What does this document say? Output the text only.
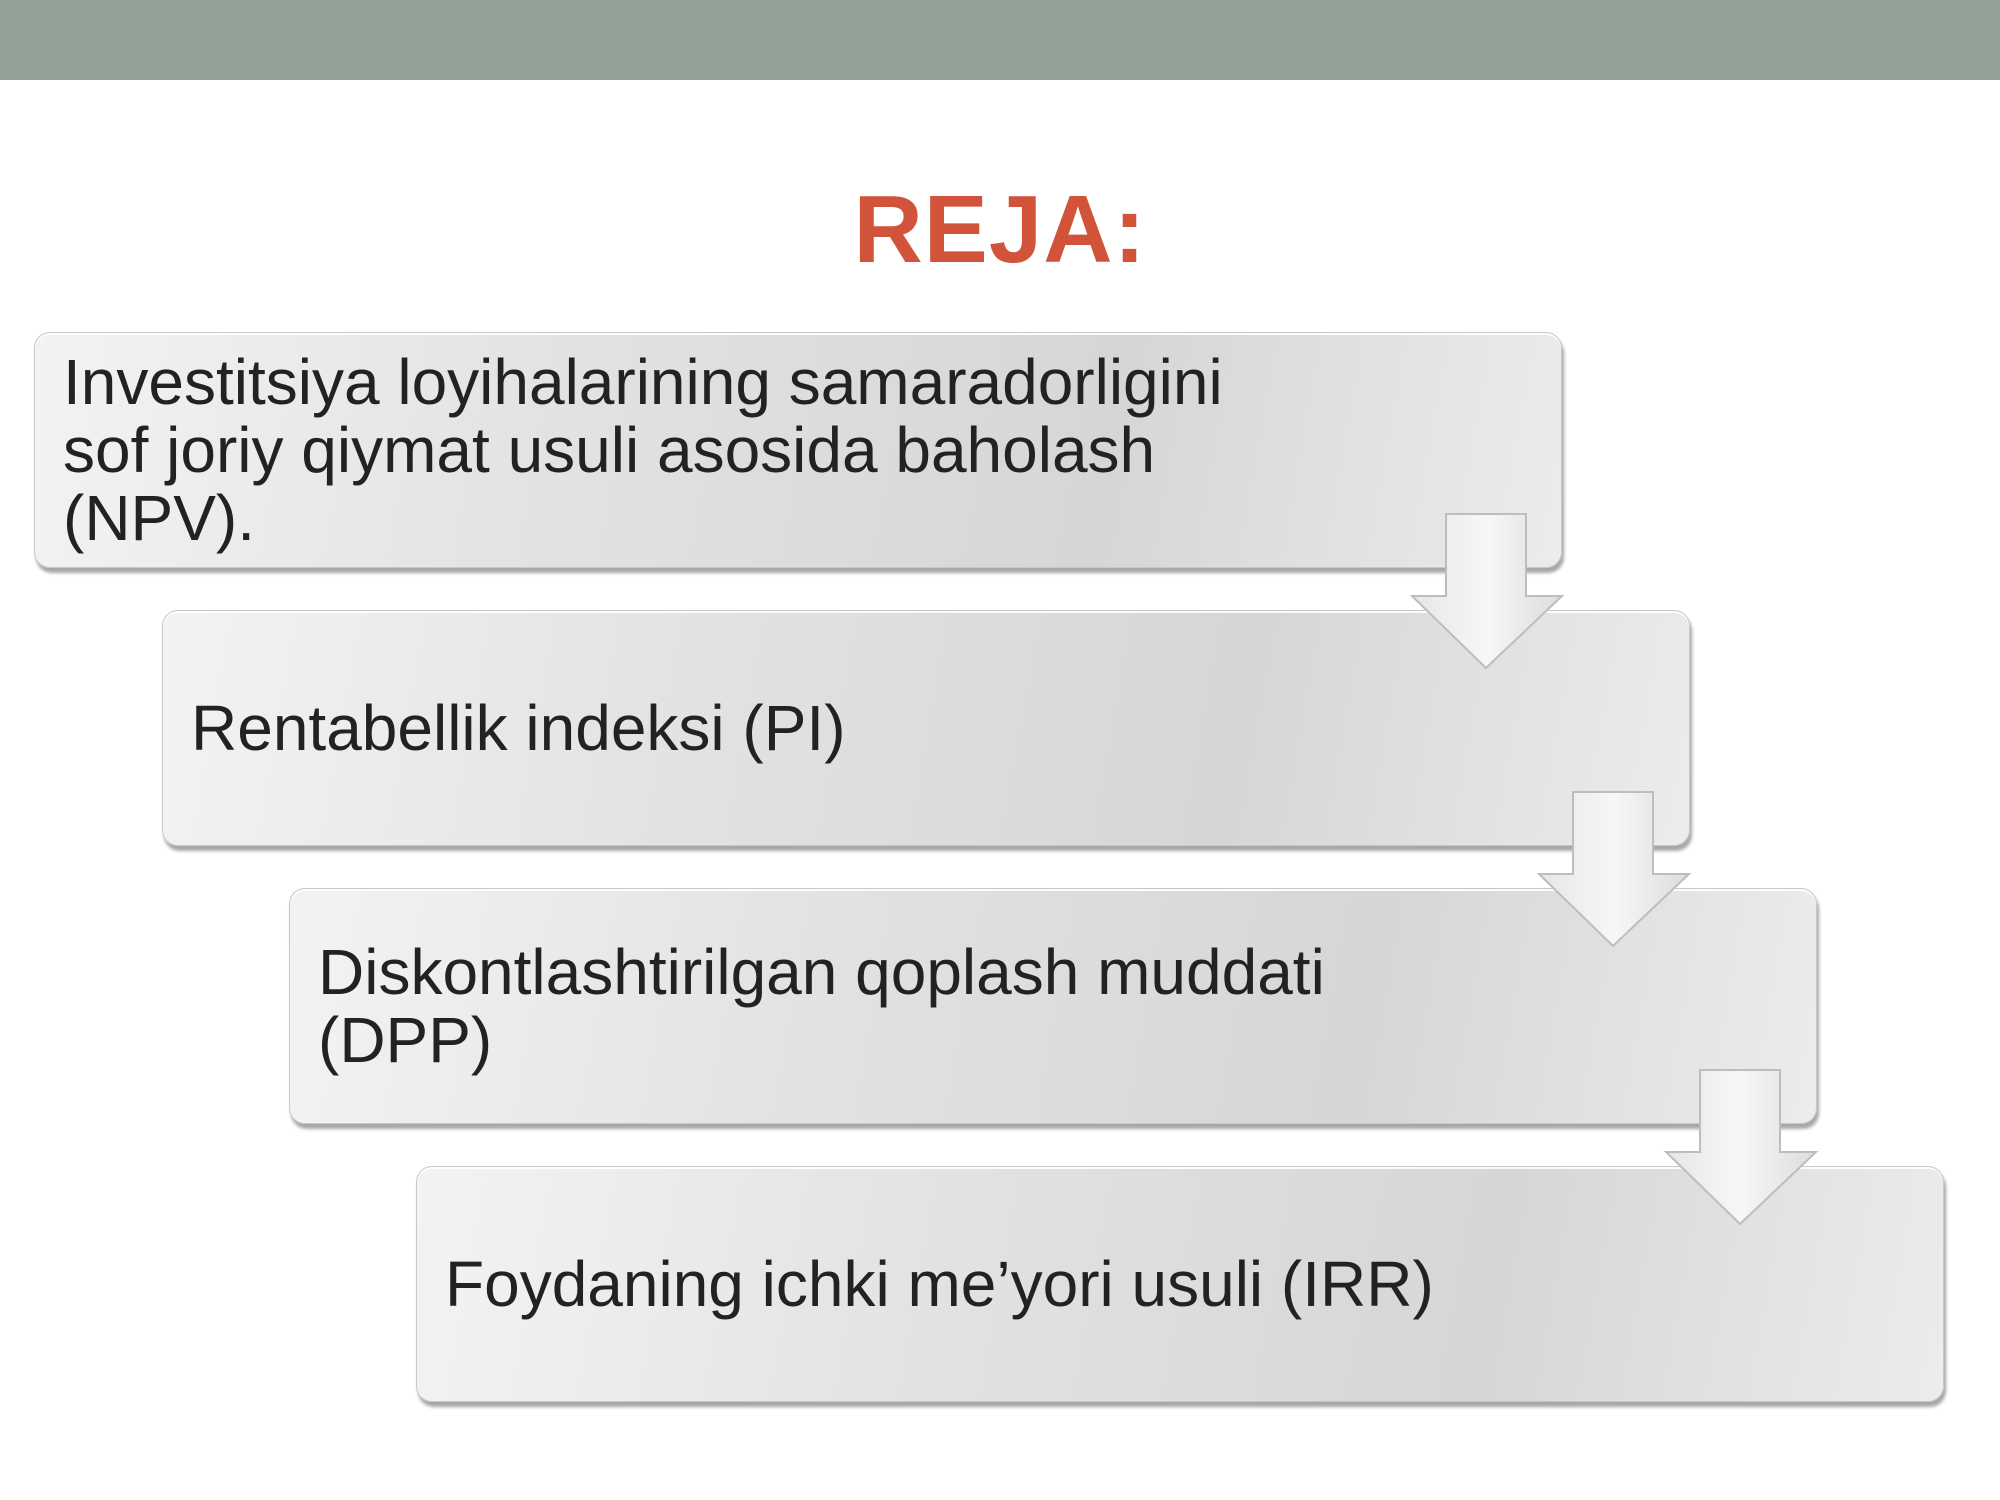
REJA:
Investitsiya loyihalarining samaradorligini sof joriy qiymat usuli asosida baholash (NPV).
Rentabellik indeksi (PI)
Diskontlashtirilgan qoplash muddati (DPP)
Foydaning ichki me’yori usuli (IRR)
